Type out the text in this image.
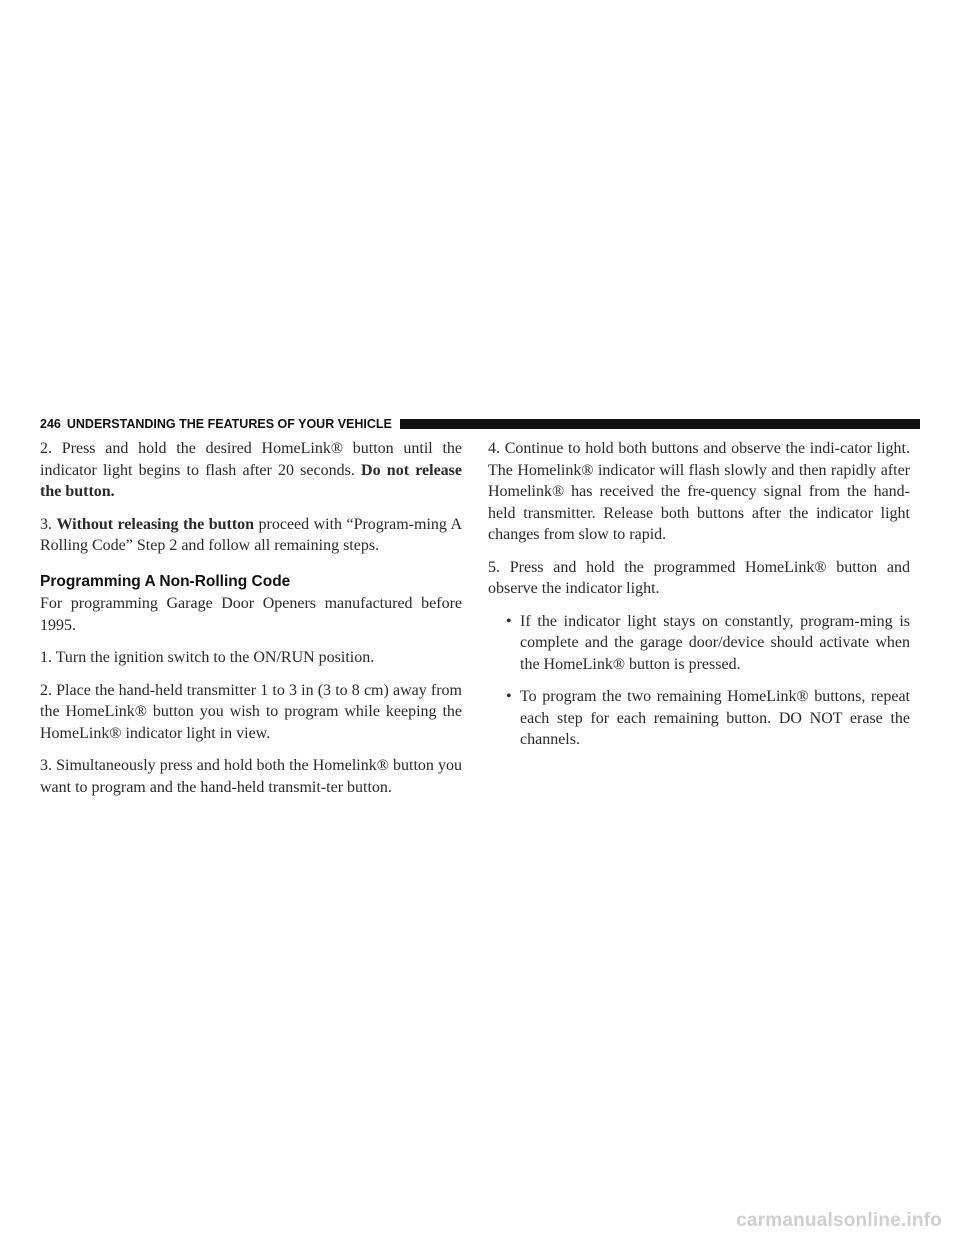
246 UNDERSTANDING THE FEATURES OF YOUR VEHICLE

2. Press and hold the desired HomeLink® button until the indicator light begins to flash after 20 seconds. Do not release the button.

3. Without releasing the button proceed with “Program-ming A Rolling Code” Step 2 and follow all remaining steps.

Programming A Non-Rolling Code

For programming Garage Door Openers manufactured before 1995.

1. Turn the ignition switch to the ON/RUN position.

2. Place the hand-held transmitter 1 to 3 in (3 to 8 cm) away from the HomeLink® button you wish to program while keeping the HomeLink® indicator light in view.

3. Simultaneously press and hold both the Homelink® button you want to program and the hand-held transmit-ter button.

4. Continue to hold both buttons and observe the indi-cator light. The Homelink® indicator will flash slowly and then rapidly after Homelink® has received the fre-quency signal from the hand-held transmitter. Release both buttons after the indicator light changes from slow to rapid.

5. Press and hold the programmed HomeLink® button and observe the indicator light.

• If the indicator light stays on constantly, program-ming is complete and the garage door/device should activate when the HomeLink® button is pressed.
• To program the two remaining HomeLink® buttons, repeat each step for each remaining button. DO NOT erase the channels.
carmanualsonline.info
